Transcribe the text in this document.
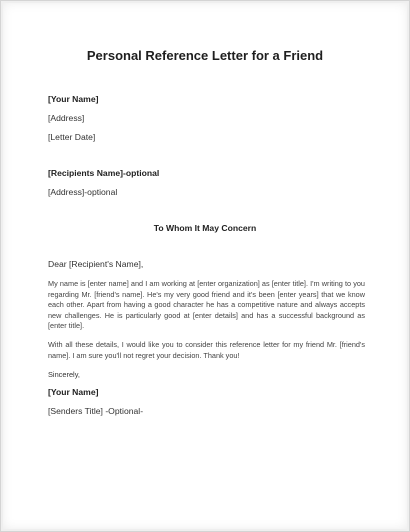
Personal Reference Letter for a Friend
[Your Name]
[Address]
[Letter Date]
[Recipients Name]-optional
[Address]-optional
To Whom It May Concern
Dear [Recipient's Name],

My name is [enter name] and I am working at [enter organization] as [enter title]. I'm writing to you regarding Mr. [friend's name]. He's my very good friend and it's been [enter years] that we know each other. Apart from having a good character he has a competitive nature and always accepts new challenges. He is particularly good at [enter details] and has a successful background as [enter title].

With all these details, I would like you to consider this reference letter for my friend Mr. [friend's name]. I am sure you'll not regret your decision. Thank you!

Sincerely,
[Your Name]
[Senders Title] -Optional-
